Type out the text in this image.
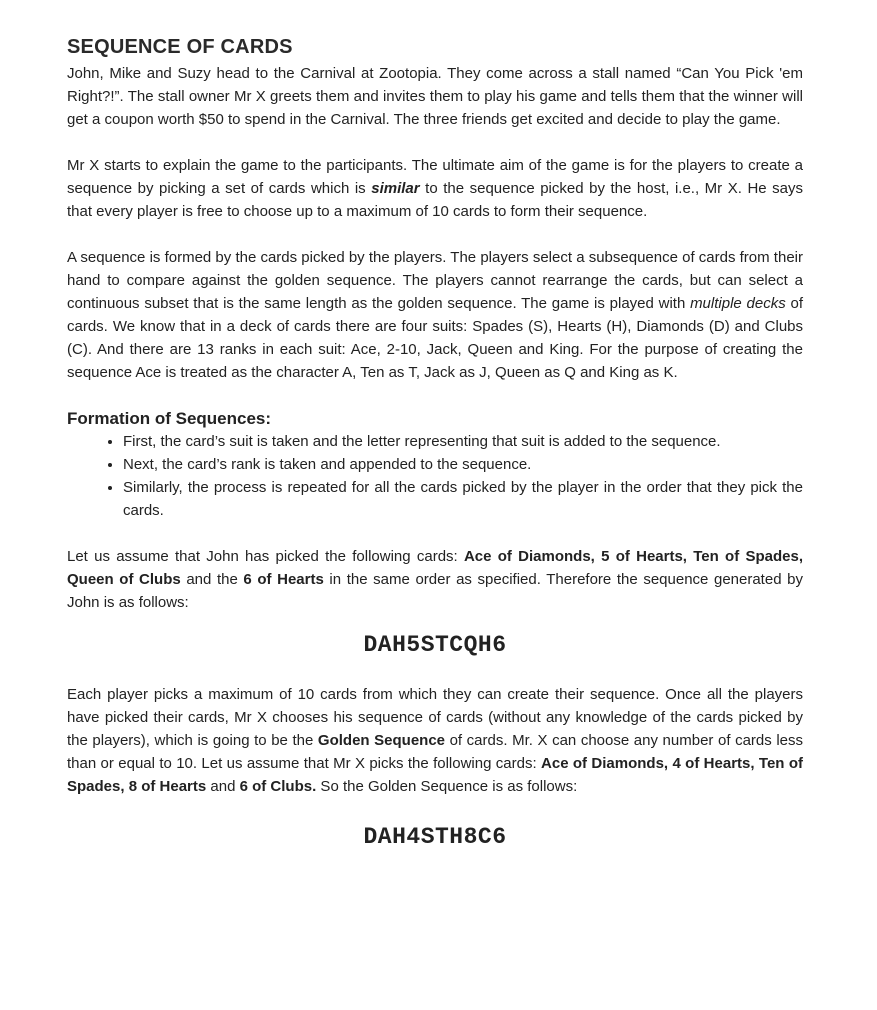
SEQUENCE OF CARDS

John, Mike and Suzy head to the Carnival at Zootopia. They come across a stall named “Can You Pick 'em Right?!”. The stall owner Mr X greets them and invites them to play his game and tells them that the winner will get a coupon worth $50 to spend in the Carnival. The three friends get excited and decide to play the game.

Mr X starts to explain the game to the participants. The ultimate aim of the game is for the players to create a sequence by picking a set of cards which is similar to the sequence picked by the host, i.e., Mr X. He says that every player is free to choose up to a maximum of 10 cards to form their sequence.

A sequence is formed by the cards picked by the players. The players select a subsequence of cards from their hand to compare against the golden sequence. The players cannot rearrange the cards, but can select a continuous subset that is the same length as the golden sequence. The game is played with multiple decks of cards. We know that in a deck of cards there are four suits: Spades (S), Hearts (H), Diamonds (D) and Clubs (C). And there are 13 ranks in each suit: Ace, 2-10, Jack, Queen and King. For the purpose of creating the sequence Ace is treated as the character A, Ten as T, Jack as J, Queen as Q and King as K.

Formation of Sequences:
• First, the card’s suit is taken and the letter representing that suit is added to the sequence.
• Next, the card’s rank is taken and appended to the sequence.
• Similarly, the process is repeated for all the cards picked by the player in the order that they pick the cards.

Let us assume that John has picked the following cards: Ace of Diamonds, 5 of Hearts, Ten of Spades, Queen of Clubs and the 6 of Hearts in the same order as specified. Therefore the sequence generated by John is as follows:

DAH5STCQH6

Each player picks a maximum of 10 cards from which they can create their sequence. Once all the players have picked their cards, Mr X chooses his sequence of cards (without any knowledge of the cards picked by the players), which is going to be the Golden Sequence of cards. Mr. X can choose any number of cards less than or equal to 10. Let us assume that Mr X picks the following cards: Ace of Diamonds, 4 of Hearts, Ten of Spades, 8 of Hearts and 6 of Clubs. So the Golden Sequence is as follows:

DAH4STH8C6
